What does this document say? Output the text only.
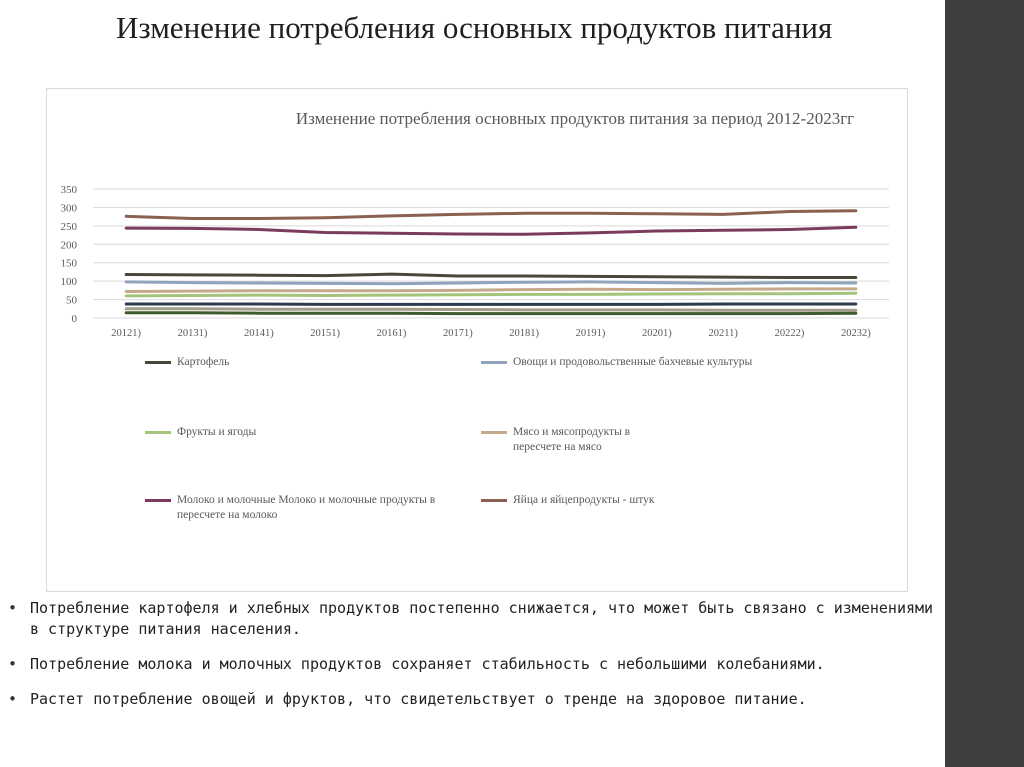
Изменение потребления основных продуктов питания
Изменение потребления основных продуктов питания за период 2012-2023гг
0
50
100
150
200
250
300
350
20121)	20131)	20141)	20151)	20161)	20171)	20181)	20191)	20201)	20211)	20222)	20232)
Картофель	Овощи и продовольственные бахчевые культуры
Фрукты и ягоды	Мясо и мясопродукты в пересчете на мясо
Молоко и молочные Молоко и молочные продукты в пересчете на молоко
Яйца и яйцепродукты - штук
• Потребление картофеля и хлебных продуктов постепенно снижается, что может быть связано с изменениями в структуре питания населения.
• Потребление молока и молочных продуктов сохраняет стабильность с небольшими колебаниями.
• Растет потребление овощей и фруктов, что свидетельствует о тренде на здоровое питание.
